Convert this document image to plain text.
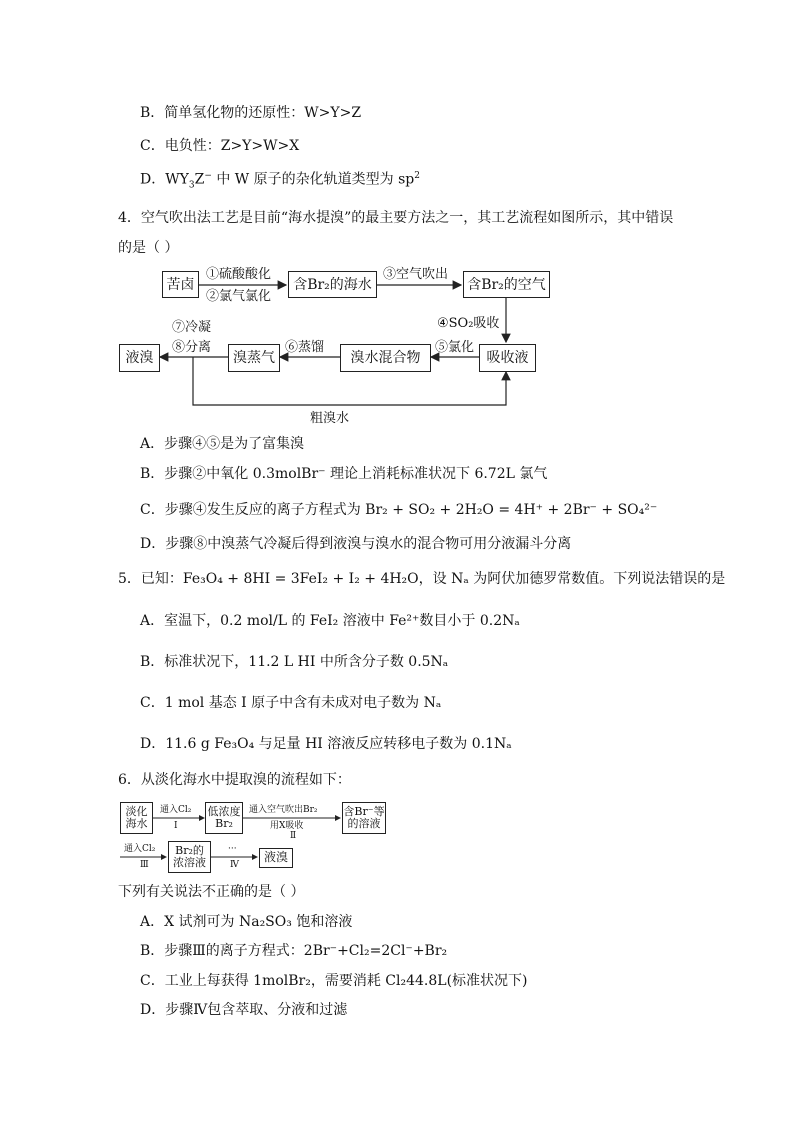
B．简单氢化物的还原性：W>Y>Z
C．电负性：Z>Y>W>X
D．$WY_3Z^-$ 中 W 原子的杂化轨道类型为 $sp^2$
4．空气吹出法工艺是目前“海水提溴”的最主要方法之一，其工艺流程如图所示，其中错误
的是（ ）
苦卤
①硫酸酸化
②氯气氯化
含Br₂的海水
③空气吹出
含Br₂的空气
④SO₂吸收
吸收液
⑤氯化
溴水混合物
⑥蒸馏
溴蒸气
⑦冷凝
⑧分离
液溴
粗溴水
A．步骤④⑤是为了富集溴
B．步骤②中氧化 0.3molBr⁻ 理论上消耗标准状况下 6.72L 氯气
C．步骤④发生反应的离子方程式为 Br₂ + SO₂ + 2H₂O = 4H⁺ + 2Br⁻ + SO₄²⁻
D．步骤⑧中溴蒸气冷凝后得到液溴与溴水的混合物可用分液漏斗分离
5．已知：Fe₃O₄ + 8HI = 3FeI₂ + I₂ + 4H₂O，设 Nₐ 为阿伏加德罗常数值。下列说法错误的是
A．室温下，0.2 mol/L 的 FeI₂ 溶液中 Fe²⁺数目小于 0.2Nₐ
B．标准状况下，11.2 L HI 中所含分子数 0.5Nₐ
C．1 mol 基态 I 原子中含有未成对电子数为 Nₐ
D．11.6 g Fe₃O₄ 与足量 HI 溶液反应转移电子数为 0.1Nₐ
6．从淡化海水中提取溴的流程如下：
淡化
海水
通入Cl₂
Ⅰ
低浓度
Br₂
通入空气吹出Br₂
用X吸收
Ⅱ
含Br⁻等
的溶液
通入Cl₂
Ⅲ
Br₂的
浓溶液
···
Ⅳ
液溴
下列有关说法不正确的是（ ）
A．X 试剂可为 Na₂SO₃ 饱和溶液
B．步骤Ⅲ的离子方程式：2Br⁻+Cl₂=2Cl⁻+Br₂
C．工业上每获得 1molBr₂，需要消耗 Cl₂44.8L(标准状况下)
D．步骤Ⅳ包含萃取、分液和过滤
